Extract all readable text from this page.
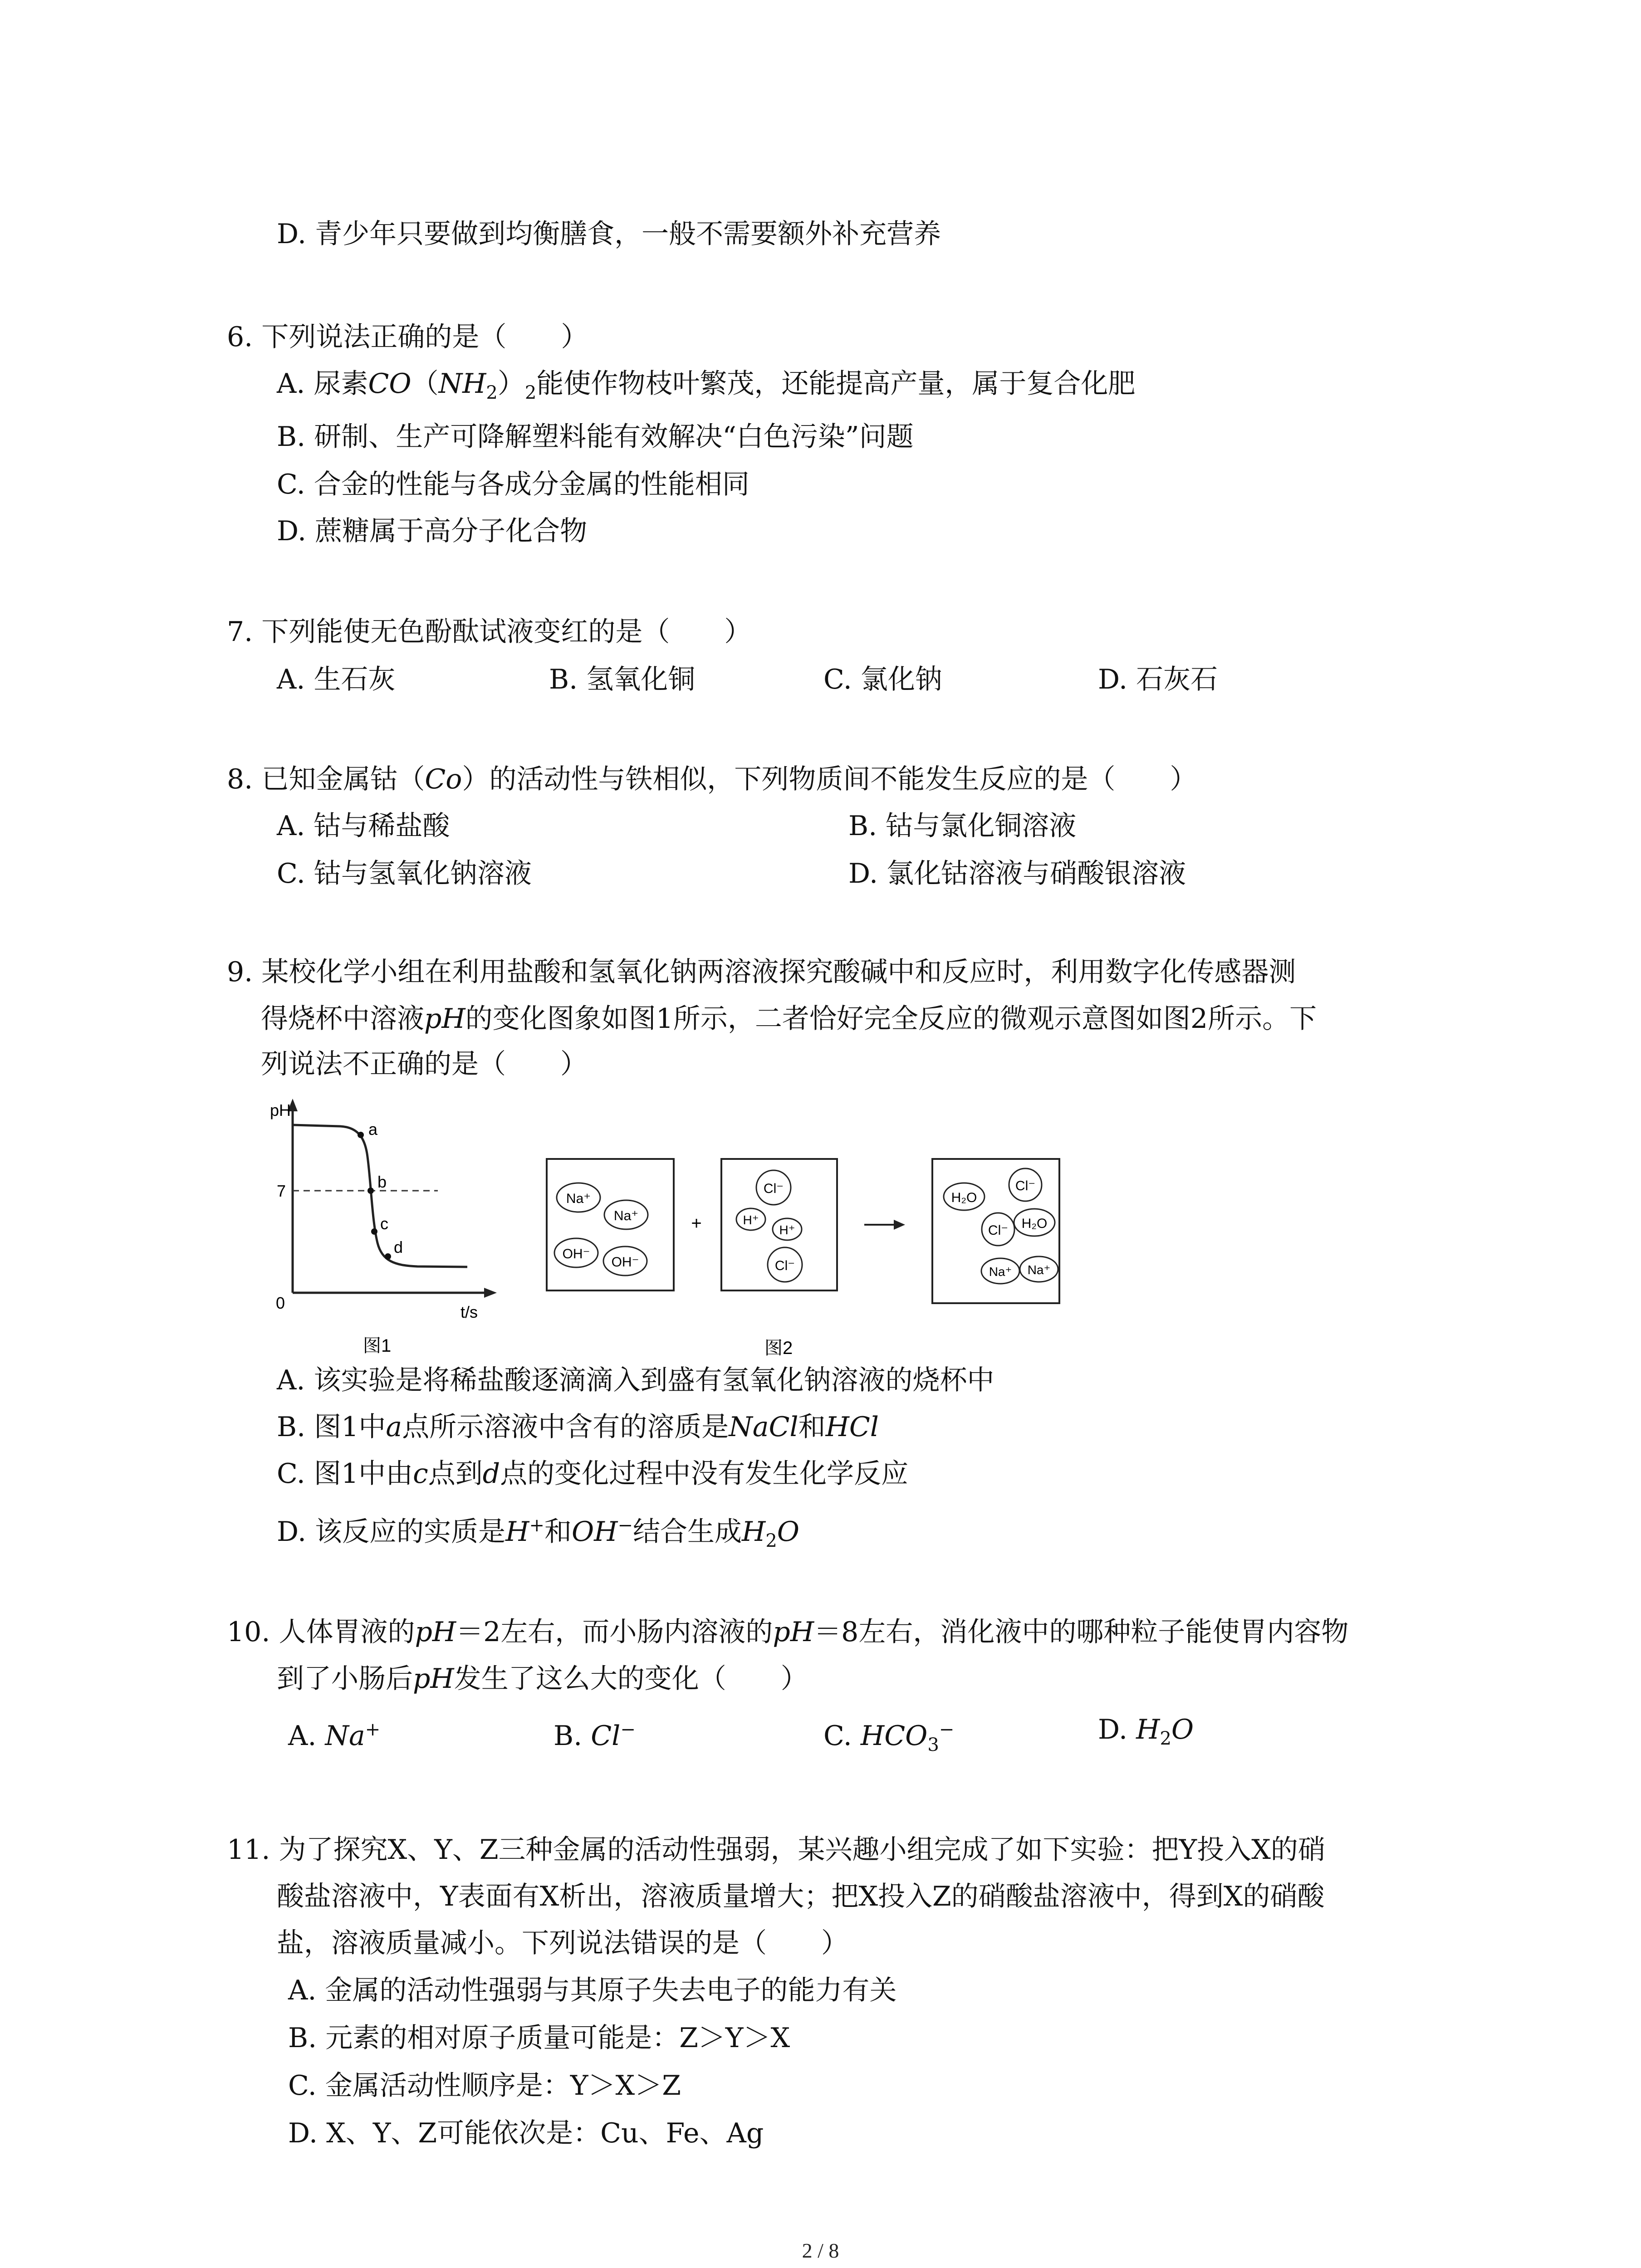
D. 青少年只要做到均衡膳食，一般不需要额外补充营养
6. 下列说法正确的是（　　）
A. 尿素$CO(NH_2)_2$能使作物枝叶繁茂，还能提高产量，属于复合化肥
B. 研制、生产可降解塑料能有效解决“白色污染”问题
C. 合金的性能与各成分金属的性能相同
D. 蔗糖属于高分子化合物
7. 下列能使无色酚酞试液变红的是（　　）
A. 生石灰	B. 氢氧化铜	C. 氯化钠	D. 石灰石
8. 已知金属钴（Co）的活动性与铁相似，下列物质间不能发生反应的是（　　）
A. 钴与稀盐酸	B. 钴与氯化铜溶液
C. 钴与氢氧化钠溶液	D. 氯化钴溶液与硝酸银溶液
9. 某校化学小组在利用盐酸和氢氧化钠两溶液探究酸碱中和反应时，利用数字化传感器测
得烧杯中溶液pH的变化图象如图1所示，二者恰好完全反应的微观示意图如图2所示。下
列说法不正确的是（　　）
pH
t/s
0
7
a
b
c
d
图1
Na⁺
Na⁺
OH⁻
OH⁻
+
Cl⁻
H⁺
H⁺
Cl⁻
H₂O
Cl⁻
Cl⁻ H₂O
Na⁺ Na⁺
图2
A. 该实验是将稀盐酸逐滴滴入到盛有氢氧化钠溶液的烧杯中
B. 图1中a点所示溶液中含有的溶质是NaCl和HCl
C. 图1中由c点到d点的变化过程中没有发生化学反应
D. 该反应的实质是H+和OH−结合生成$H_2O$
10. 人体胃液的pH＝2左右，而小肠内溶液的pH＝8左右，消化液中的哪种粒子能使胃内容物
到了小肠后pH发生了这么大的变化（　　）
A. Na+	B. Cl−	C. $HCO_3^-$	D. $H_2O$
11. 为了探究X、Y、Z三种金属的活动性强弱，某兴趣小组完成了如下实验：把Y投入X的硝
酸盐溶液中，Y表面有X析出，溶液质量增大；把X投入Z的硝酸盐溶液中，得到X的硝酸
盐，溶液质量减小。下列说法错误的是（　　）
A. 金属的活动性强弱与其原子失去电子的能力有关
B. 元素的相对原子质量可能是：Z＞Y＞X
C. 金属活动性顺序是：Y＞X＞Z
D. X、Y、Z可能依次是：Cu、Fe、Ag
2 / 8
